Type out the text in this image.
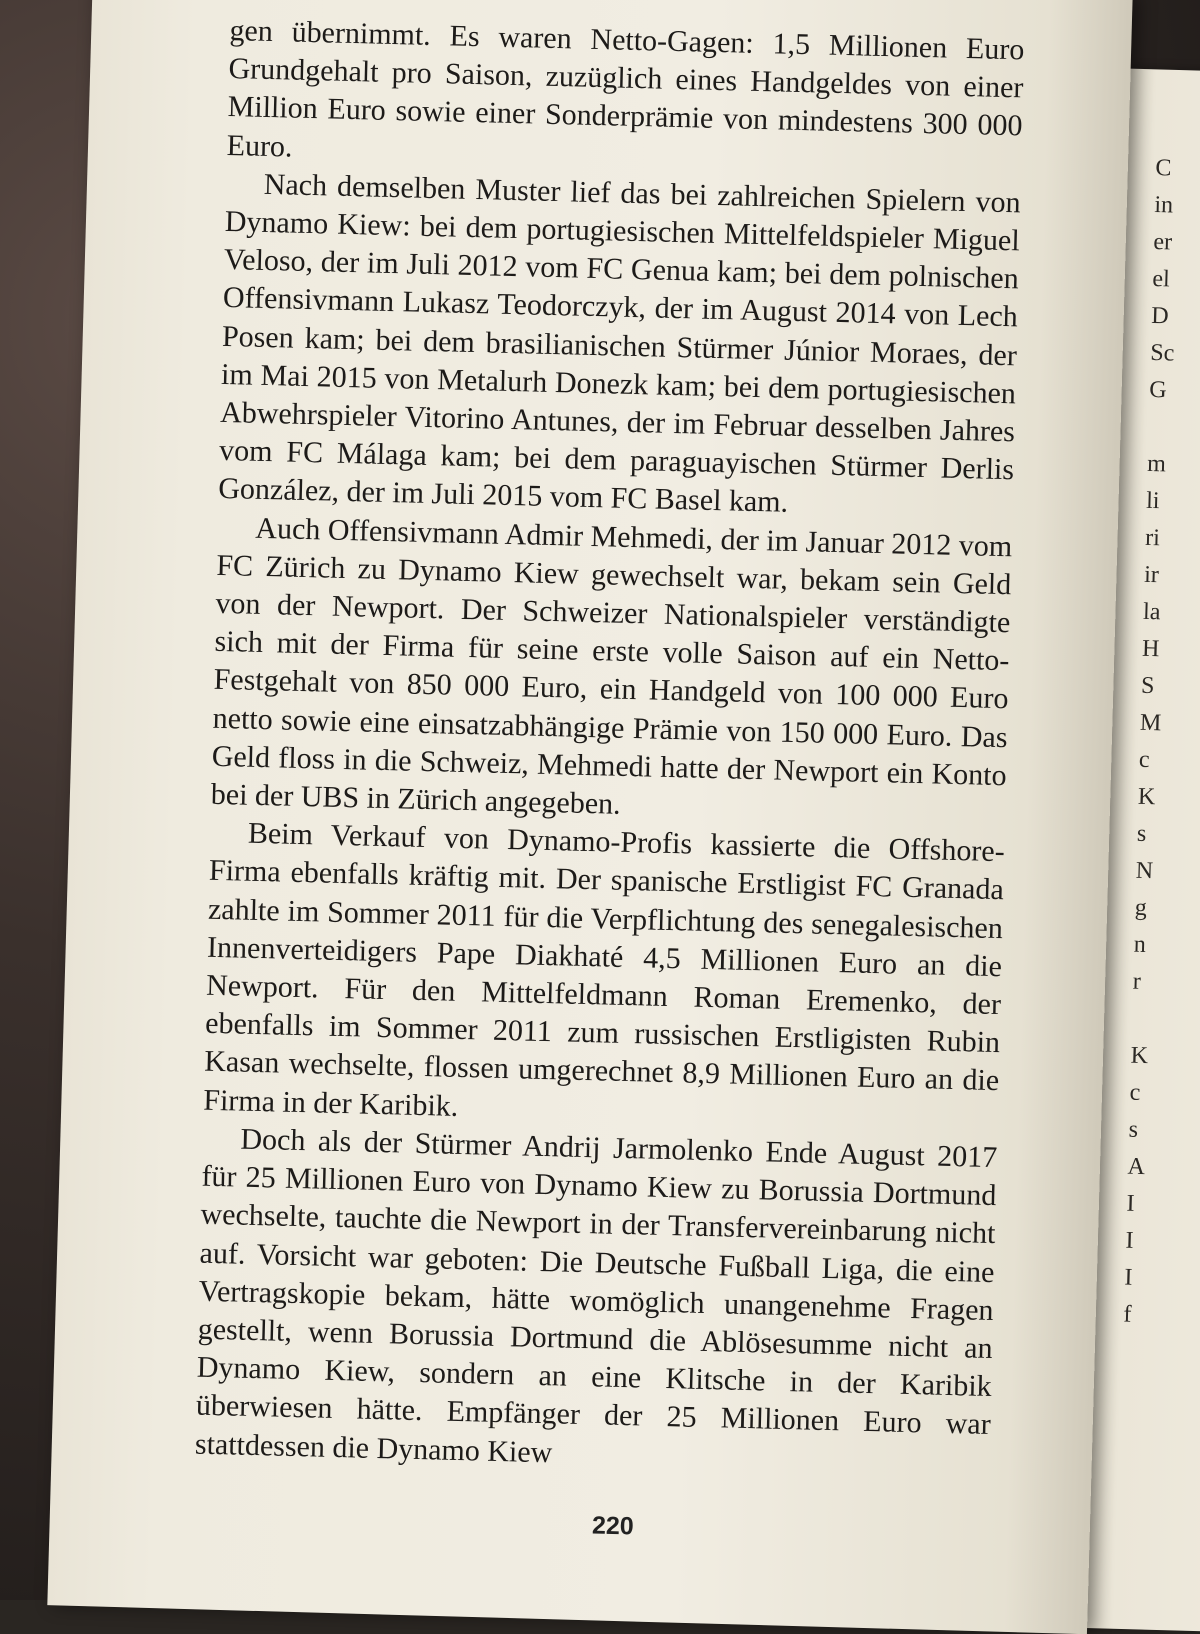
C
in
er
el
D
Sc
G
m
li
ri
ir
la
H
S
M
c
K
s
N
g
n
r
K
c
s
A
I
I
I
f

gen übernimmt. Es waren Netto-Gagen: 1,5 Millionen Euro Grundgehalt pro Saison, zuzüglich eines Handgeldes von einer Million Euro sowie einer Sonderprämie von mindestens 300 000 Euro.

Nach demselben Muster lief das bei zahlreichen Spielern von Dynamo Kiew: bei dem portugiesischen Mittelfeldspieler Miguel Veloso, der im Juli 2012 vom FC Genua kam; bei dem polnischen Offensivmann Lukasz Teodorczyk, der im August 2014 von Lech Posen kam; bei dem brasilianischen Stürmer Júnior Moraes, der im Mai 2015 von Metalurh Donezk kam; bei dem portugiesischen Abwehrspieler Vitorino Antunes, der im Februar desselben Jahres vom FC Málaga kam; bei dem paraguayischen Stürmer Derlis González, der im Juli 2015 vom FC Basel kam.

Auch Offensivmann Admir Mehmedi, der im Januar 2012 vom FC Zürich zu Dynamo Kiew gewechselt war, bekam sein Geld von der Newport. Der Schweizer Nationalspieler verständigte sich mit der Firma für seine erste volle Saison auf ein Netto-Festgehalt von 850 000 Euro, ein Handgeld von 100 000 Euro netto sowie eine einsatzabhängige Prämie von 150 000 Euro. Das Geld floss in die Schweiz, Mehmedi hatte der Newport ein Konto bei der UBS in Zürich angegeben.

Beim Verkauf von Dynamo-Profis kassierte die Offshore-Firma ebenfalls kräftig mit. Der spanische Erstligist FC Granada zahlte im Sommer 2011 für die Verpflichtung des senegalesischen Innenverteidigers Pape Diakhaté 4,5 Millionen Euro an die Newport. Für den Mittelfeldmann Roman Eremenko, der ebenfalls im Sommer 2011 zum russischen Erstligisten Rubin Kasan wechselte, flossen umgerechnet 8,9 Millionen Euro an die Firma in der Karibik.

Doch als der Stürmer Andrij Jarmolenko Ende August 2017 für 25 Millionen Euro von Dynamo Kiew zu Borussia Dortmund wechselte, tauchte die Newport in der Transfervereinbarung nicht auf. Vorsicht war geboten: Die Deutsche Fußball Liga, die eine Vertragskopie bekam, hätte womöglich unangenehme Fragen gestellt, wenn Borussia Dortmund die Ablösesumme nicht an Dynamo Kiew, sondern an eine Klitsche in der Karibik überwiesen hätte. Empfänger der 25 Millionen Euro war stattdessen die Dynamo Kiew

220
